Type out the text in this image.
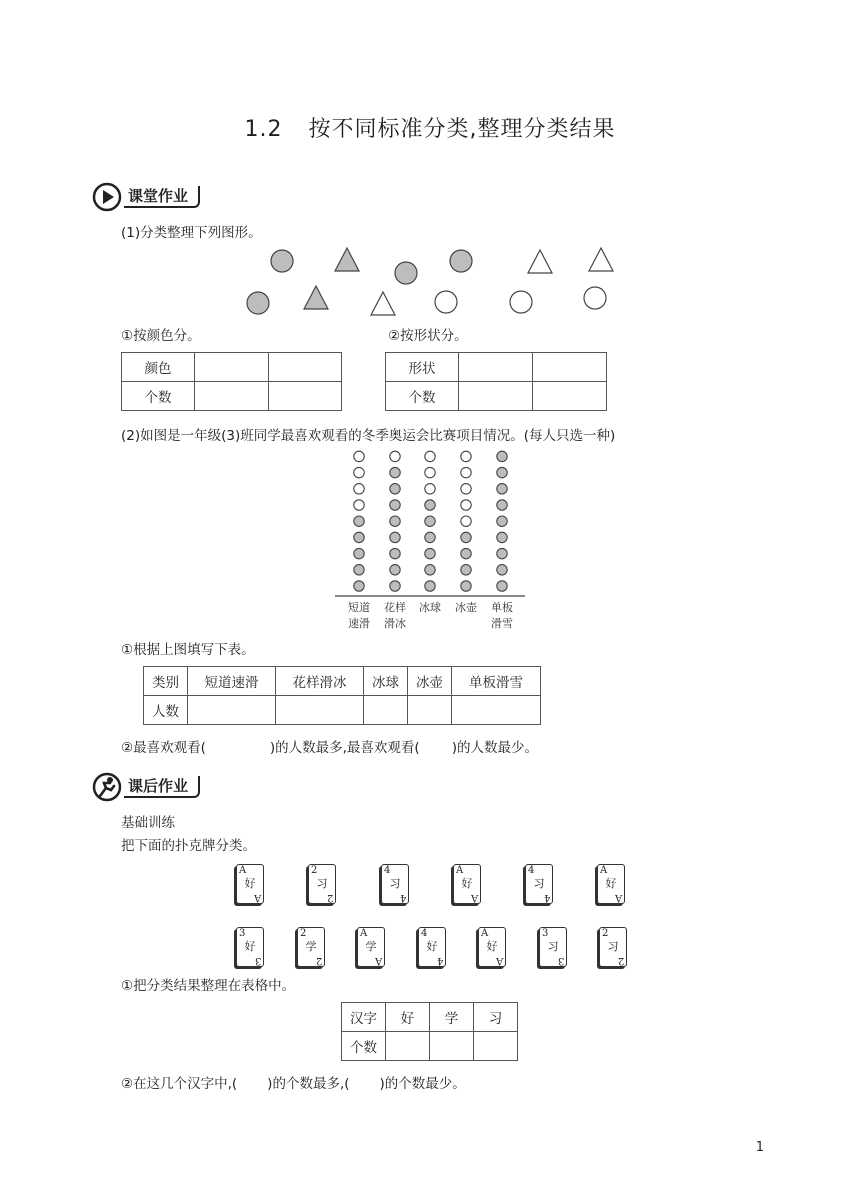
1.2 按不同标准分类,整理分类结果
课堂作业
(1)分类整理下列图形。
①按颜色分。	②按形状分。
颜色		
个数		
形状		
个数		
(2)如图是一年级(3)班同学最喜欢观看的冬季奥运会比赛项目情况。(每人只选一种)
短道
速滑
花样
滑冰
冰球	冰壶	单板
滑雪
①根据上图填写下表。
类别	短道速滑	花样滑冰	冰球	冰壶	单板滑雪
人数					
②最喜欢观看(	)的人数最多,最喜欢观看( )的人数最少。
课后作业
基础训练
把下面的扑克牌分类。
A
好
A
2
习
2
4
习
4
A
好
A
4
习
4
A
好
A
3
好
3
2
学
2
A
学
A
4
好
4
A
好
A
3
习
3
2
习
2
①把分类结果整理在表格中。
汉字	好	学	习
个数			
②在这几个汉字中,( )的个数最多,( )的个数最少。
1
